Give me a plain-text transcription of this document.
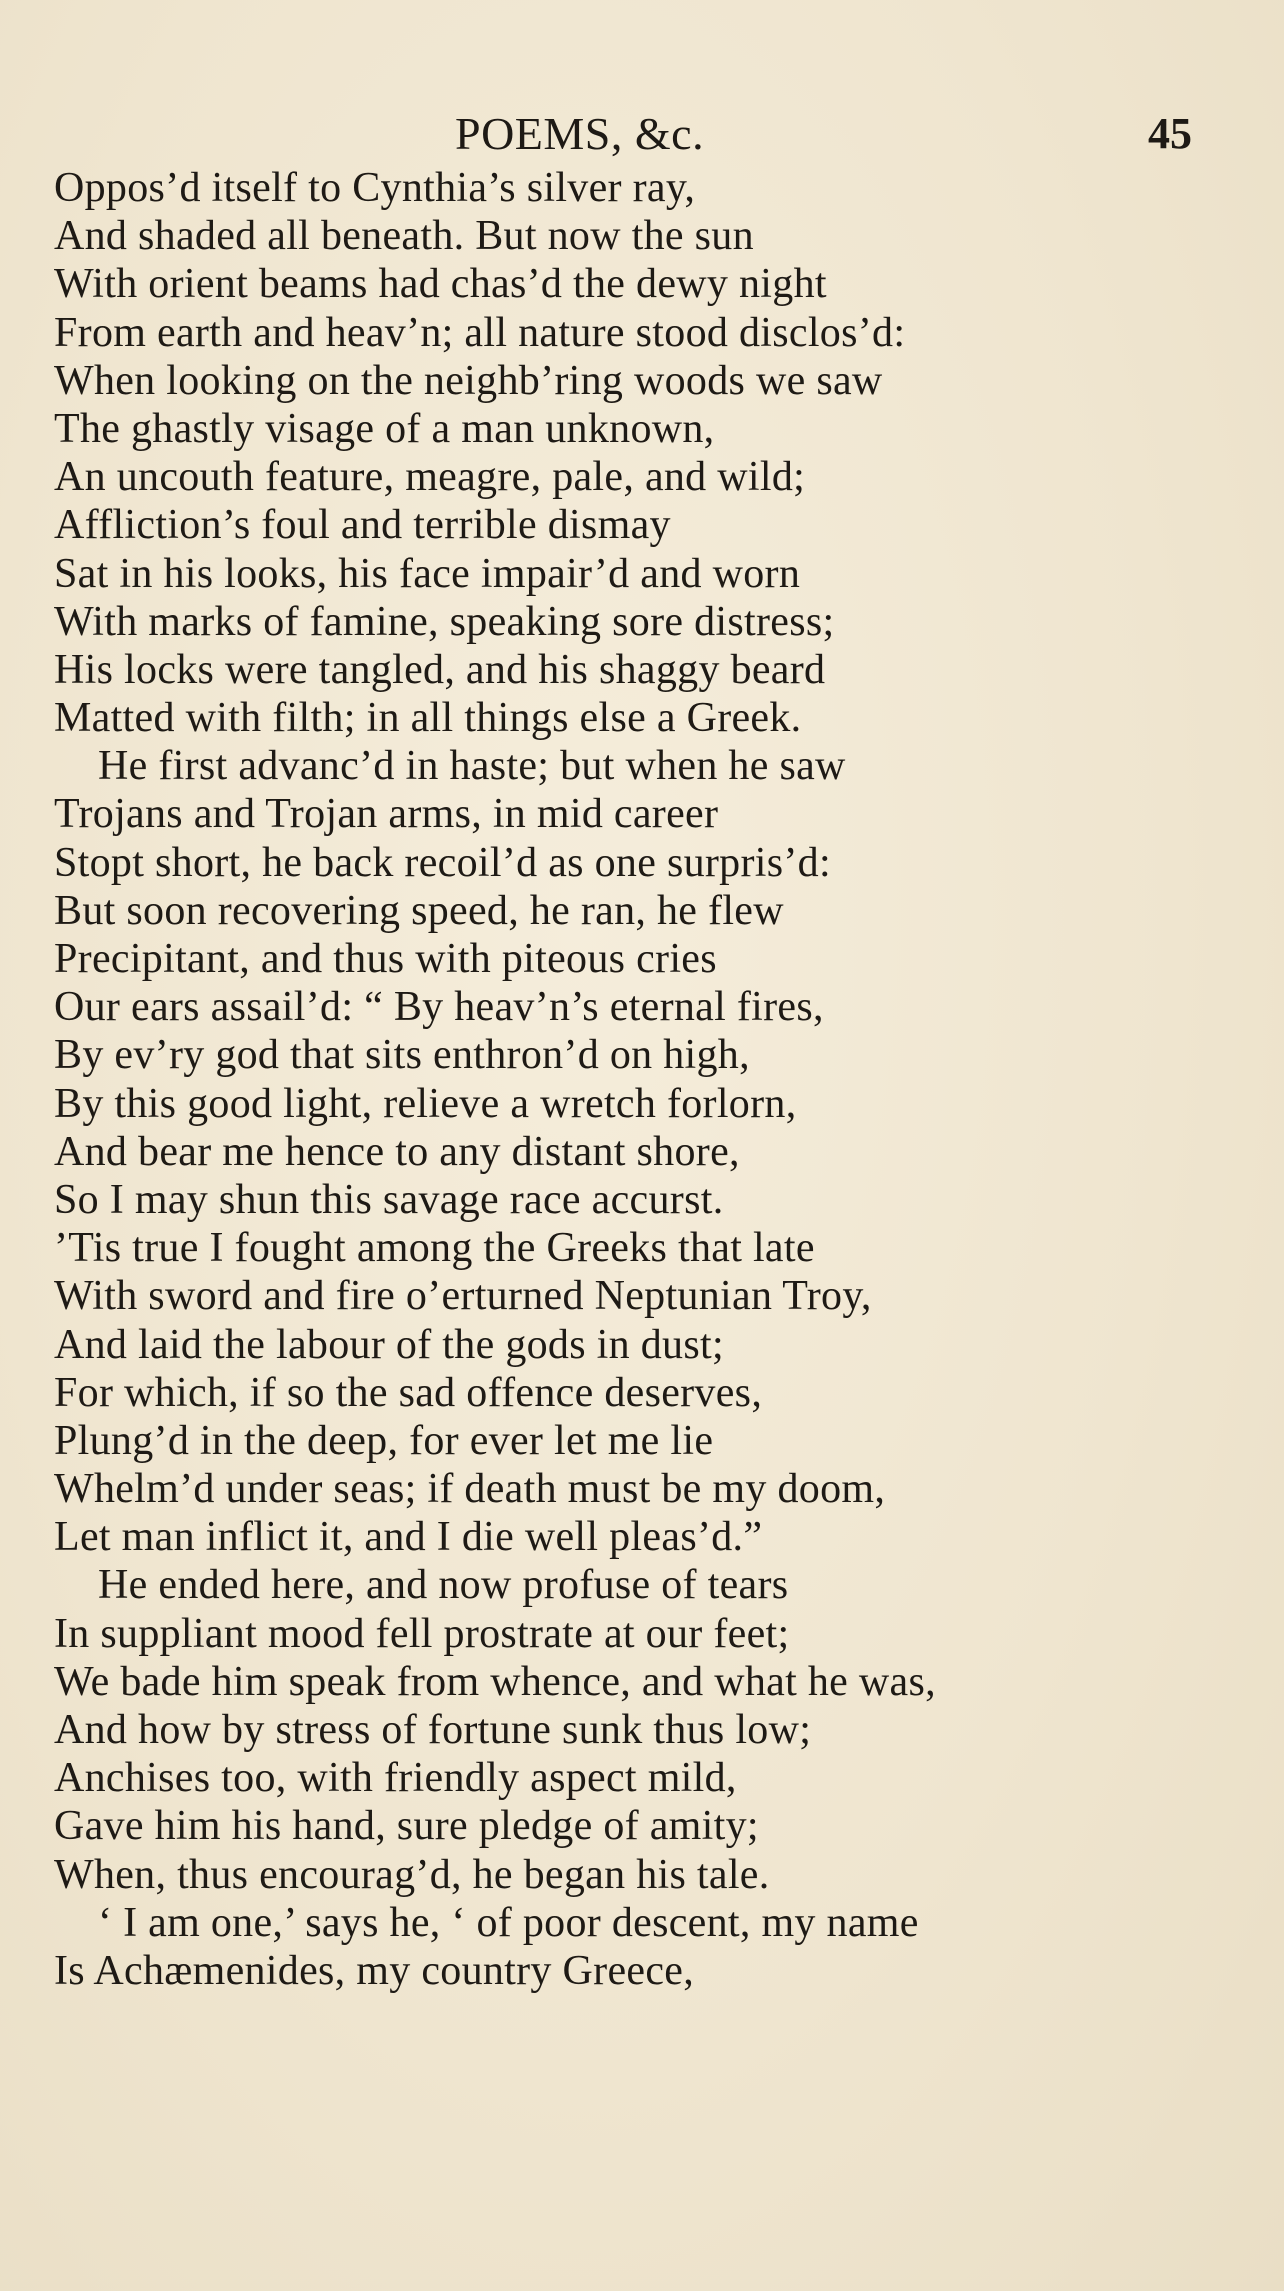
POEMS, &c.	45
Oppos’d itself to Cynthia’s silver ray,
And shaded all beneath. But now the sun
With orient beams had chas’d the dewy night
From earth and heav’n; all nature stood disclos’d:
When looking on the neighb’ring woods we saw
The ghastly visage of a man unknown,
An uncouth feature, meagre, pale, and wild;
Affliction’s foul and terrible dismay
Sat in his looks, his face impair’d and worn
With marks of famine, speaking sore distress;
His locks were tangled, and his shaggy beard
Matted with filth; in all things else a Greek.
He first advanc’d in haste; but when he saw
Trojans and Trojan arms, in mid career
Stopt short, he back recoil’d as one surpris’d:
But soon recovering speed, he ran, he flew
Precipitant, and thus with piteous cries
Our ears assail’d: “ By heav’n’s eternal fires,
By ev’ry god that sits enthron’d on high,
By this good light, relieve a wretch forlorn,
And bear me hence to any distant shore,
So I may shun this savage race accurst.
’Tis true I fought among the Greeks that late
With sword and fire o’erturned Neptunian Troy,
And laid the labour of the gods in dust;
For which, if so the sad offence deserves,
Plung’d in the deep, for ever let me lie
Whelm’d under seas; if death must be my doom,
Let man inflict it, and I die well pleas’d.”
He ended here, and now profuse of tears
In suppliant mood fell prostrate at our feet;
We bade him speak from whence, and what he was,
And how by stress of fortune sunk thus low;
Anchises too, with friendly aspect mild,
Gave him his hand, sure pledge of amity;
When, thus encourag’d, he began his tale.
‘ I am one,’ says he, ‘ of poor descent, my name
Is Achæmenides, my country Greece,
